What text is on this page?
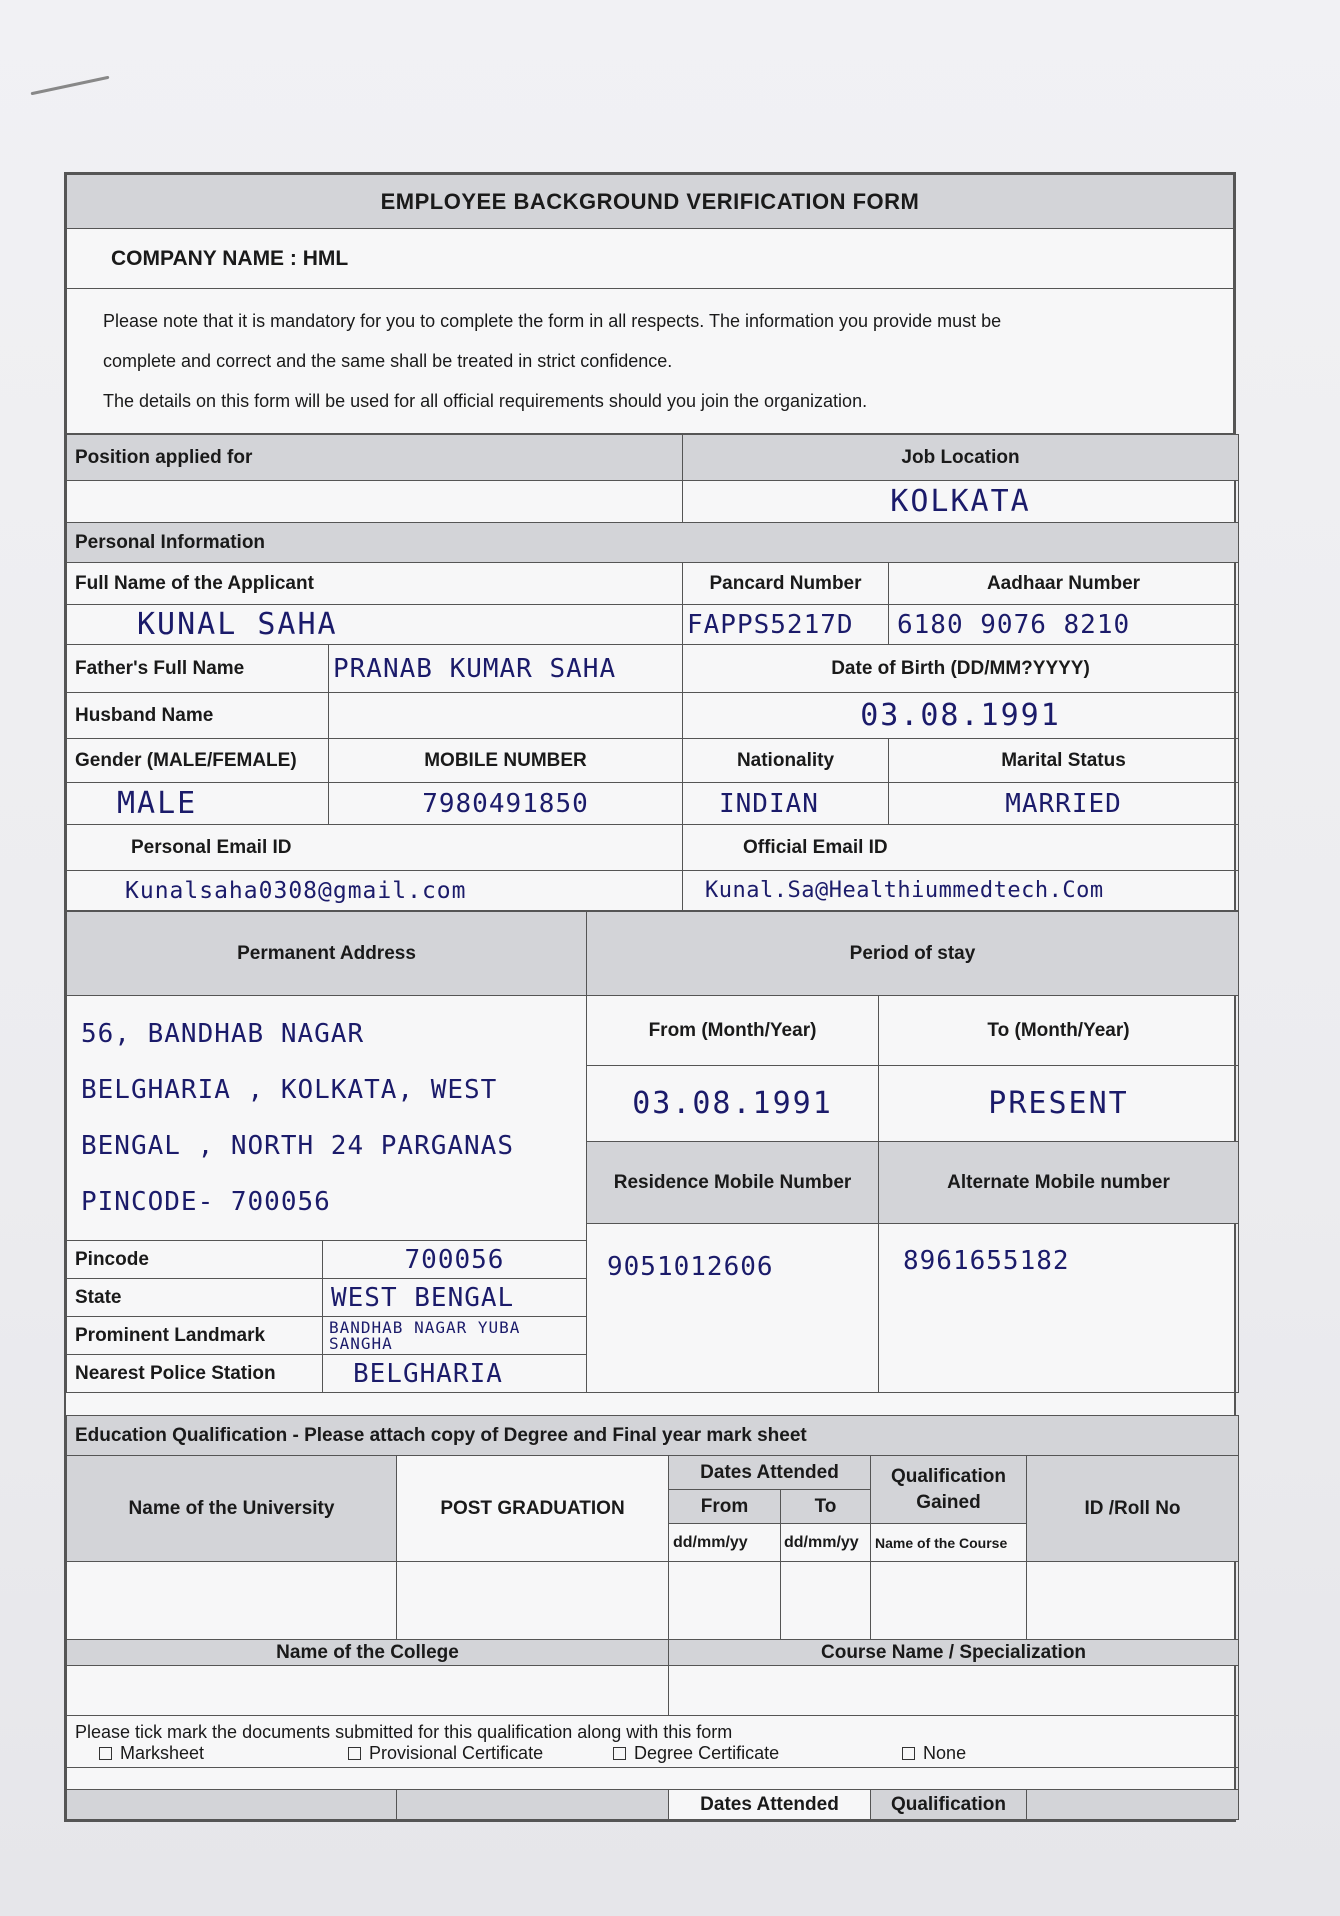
EMPLOYEE BACKGROUND VERIFICATION FORM
COMPANY NAME : HML

Please note that it is mandatory for you to complete the form in all respects. The information you provide must be
complete and correct and the same shall be treated in strict confidence.
The details on this form will be used for all official requirements should you join the organization.
Position applied for		Job Location	
		KOLKATA	
Personal Information			
Full Name of the Applicant		Pancard Number	Aadhaar Number
KUNAL SAHA		FAPPS5217D	6180 9076 8210
Father's Full Name	PRANAB KUMAR SAHA	Date of Birth (DD/MM?YYYY)	
Husband Name		03.08.1991	
Gender (MALE/FEMALE)	MOBILE NUMBER	Nationality	Marital Status
MALE	7980491850	INDIAN	MARRIED
Personal Email ID		Official Email ID	
Kunalsaha0308@gmail.com		Kunal.Sa@Healthiummedtech.Com	
Permanent Address		Period of stay	

56, BANDHAB NAGAR
BELGHARIA , KOLKATA, WEST
BENGAL , NORTH 24 PARGANAS
PINCODE- 700056		From (Month/Year)	To (Month/Year)
		03.08.1991	PRESENT
		Residence Mobile Number	Alternate Mobile number
		9051012606	8961655182
Pincode	700056		
State	WEST BENGAL		
Prominent Landmark	BANDHAB NAGAR YUBA SANGHA		
Nearest Police Station	BELGHARIA		
Education Qualification - Please attach copy of Degree and Final year mark sheet					
Name of the University	POST GRADUATION	Dates Attended		Qualification Gained	ID /Roll No
		From	To		
		dd/mm/yy	dd/mm/yy	Name of the Course	

Name of the College		Course Name / Specialization			

Please tick mark the documents submitted for this qualification along with this form
Marksheet Provisional Certificate Degree Certificate None					

		Dates Attended		Qualification	
